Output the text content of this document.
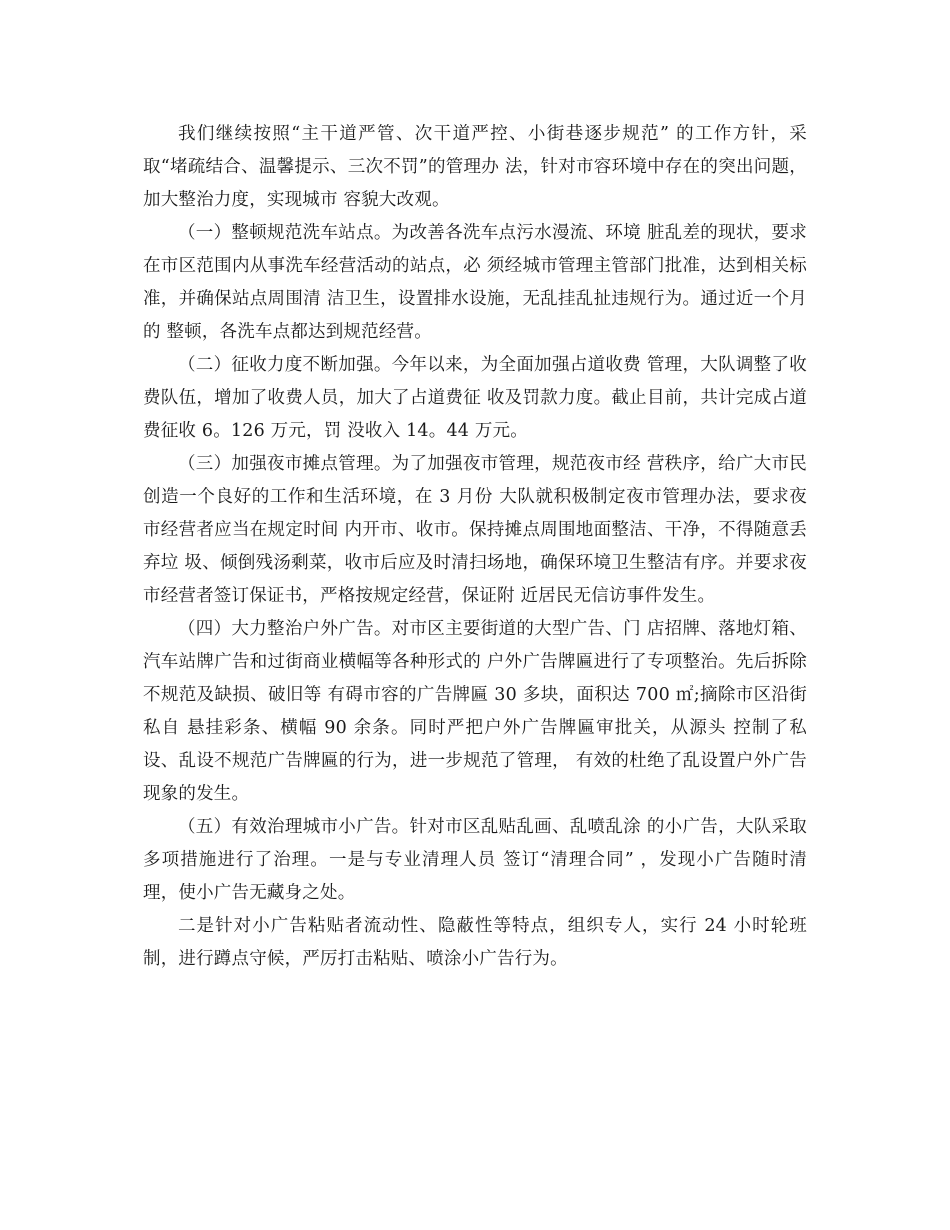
我们继续按照“主干道严管、次干道严控、小街巷逐步规范” 的工作方针，采取“堵疏结合、温馨提示、三次不罚”的管理办 法，针对市容环境中存在的突出问题，加大整治力度，实现城市 容貌大改观。

（一）整顿规范洗车站点。为改善各洗车点污水漫流、环境 脏乱差的现状，要求在市区范围内从事洗车经营活动的站点，必 须经城市管理主管部门批准，达到相关标准，并确保站点周围清 洁卫生，设置排水设施，无乱挂乱扯违规行为。通过近一个月的 整顿，各洗车点都达到规范经营。

（二）征收力度不断加强。今年以来，为全面加强占道收费 管理，大队调整了收费队伍，增加了收费人员，加大了占道费征 收及罚款力度。截止目前，共计完成占道费征收 6。126 万元，罚 没收入 14。44 万元。

（三）加强夜市摊点管理。为了加强夜市管理，规范夜市经 营秩序，给广大市民创造一个良好的工作和生活环境，在 3 月份 大队就积极制定夜市管理办法，要求夜市经营者应当在规定时间 内开市、收市。保持摊点周围地面整洁、干净，不得随意丢弃垃 圾、倾倒残汤剩菜，收市后应及时清扫场地，确保环境卫生整洁有序。并要求夜市经营者签订保证书，严格按规定经营，保证附 近居民无信访事件发生。

（四）大力整治户外广告。对市区主要街道的大型广告、门 店招牌、落地灯箱、汽车站牌广告和过街商业横幅等各种形式的 户外广告牌匾进行了专项整治。先后拆除不规范及缺损、破旧等 有碍市容的广告牌匾 30 多块，面积达 700 ㎡;摘除市区沿街私自 悬挂彩条、横幅 90 余条。同时严把户外广告牌匾审批关，从源头 控制了私设、乱设不规范广告牌匾的行为，进一步规范了管理， 有效的杜绝了乱设置户外广告现象的发生。

（五）有效治理城市小广告。针对市区乱贴乱画、乱喷乱涂 的小广告，大队采取多项措施进行了治理。一是与专业清理人员 签订“清理合同” ，发现小广告随时清理，使小广告无藏身之处。

二是针对小广告粘贴者流动性、隐蔽性等特点，组织专人，实行 24 小时轮班制，进行蹲点守候，严厉打击粘贴、喷涂小广告行为。
